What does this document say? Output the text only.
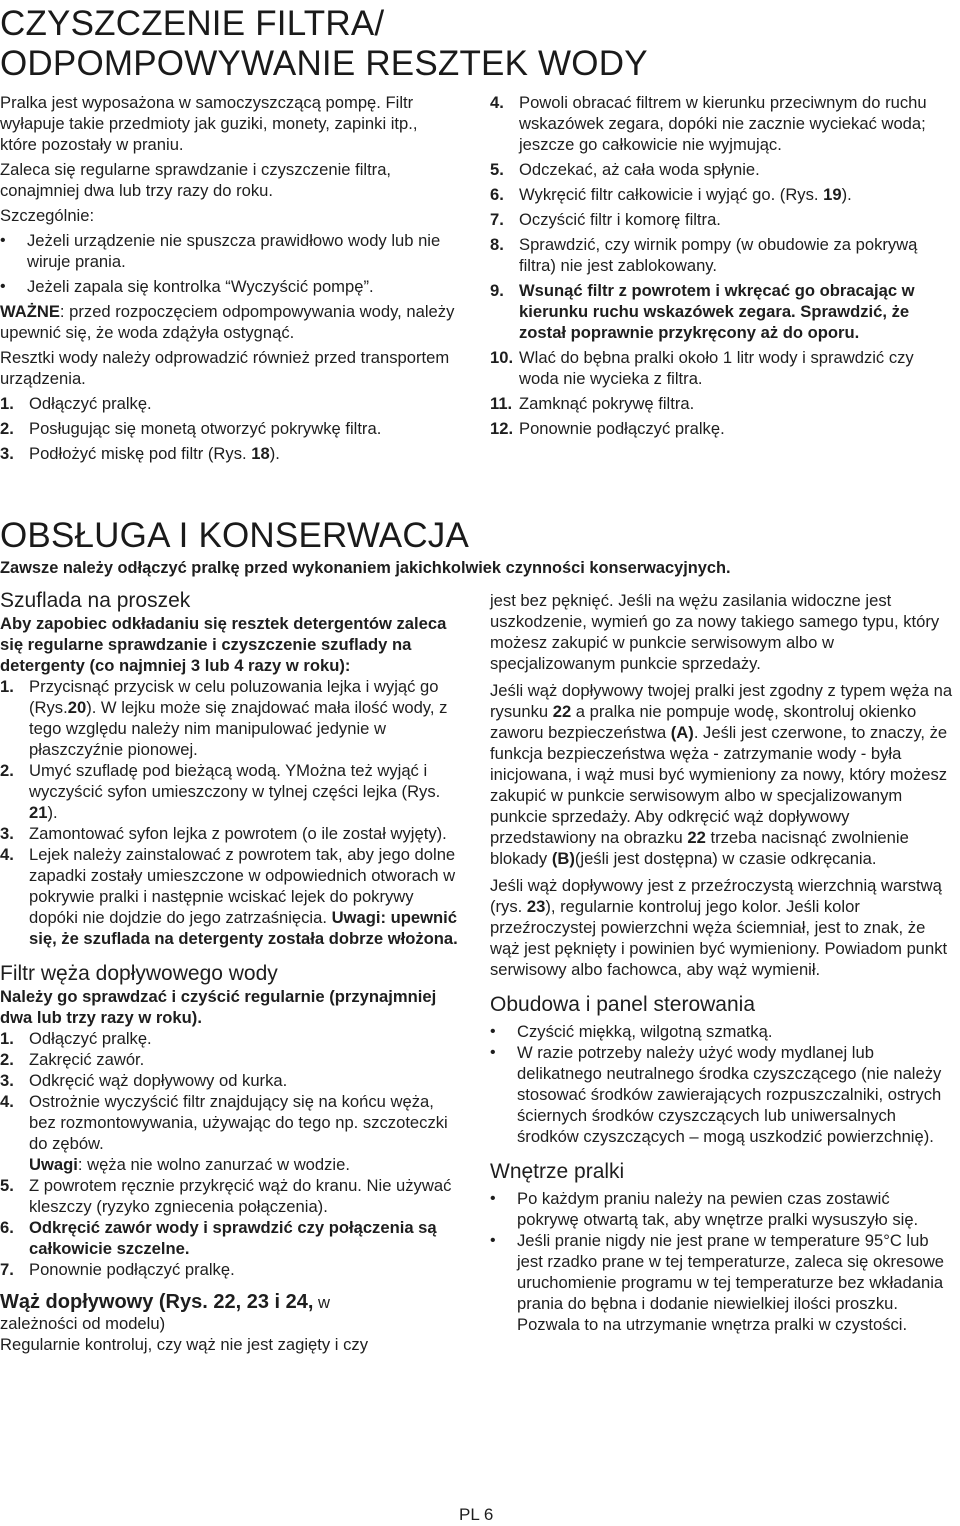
CZYSZCZENIE FILTRA/
ODPOMPOWYWANIE RESZTEK WODY

Pralka jest wyposażona w samoczyszczącą pompę. Filtr wyłapuje takie przedmioty jak guziki, monety, zapinki itp., które pozostały w praniu.

Zaleca się regularne sprawdzanie i czyszczenie filtra, conajmniej dwa lub trzy razy do roku.

Szczególnie:

•	Jeżeli urządzenie nie spuszcza prawidłowo wody lub nie wiruje prania.
•	Jeżeli zapala się kontrolka “Wyczyścić pompę”.

WAŻNE: przed rozpoczęciem odpompowywania wody, należy upewnić się, że woda zdążyła ostygnąć.

Resztki wody należy odprowadzić również przed transportem urządzenia.

1. Odłączyć pralkę.
2. Posługując się monetą otworzyć pokrywkę filtra.
3. Podłożyć miskę pod filtr (Rys. 18).
4. Powoli obracać filtrem w kierunku przeciwnym do ruchu wskazówek zegara, dopóki nie zacznie wyciekać woda; jeszcze go całkowicie nie wyjmując.
5. Odczekać, aż cała woda spłynie.
6. Wykręcić filtr całkowicie i wyjąć go. (Rys. 19).
7. Oczyścić filtr i komorę filtra.
8. Sprawdzić, czy wirnik pompy (w obudowie za pokrywą filtra) nie jest zablokowany.
9. Wsunąć filtr z powrotem i wkręcać go obracając w kierunku ruchu wskazówek zegara. Sprawdzić, że został poprawnie przykręcony aż do oporu.
10. Wlać do bębna pralki około 1 litr wody i sprawdzić czy woda nie wycieka z filtra.
11. Zamknąć pokrywę filtra.
12. Ponownie podłączyć pralkę.
OBSŁUGA I KONSERWACJA

Zawsze należy odłączyć pralkę przed wykonaniem jakichkolwiek czynności konserwacyjnych.

Szuflada na proszek

Aby zapobiec odkładaniu się resztek detergentów zaleca się regularne sprawdzanie i czyszczenie szuflady na detergenty (co najmniej 3 lub 4 razy w roku):

1. Przycisnąć przycisk w celu poluzowania lejka i wyjąć go (Rys.20). W lejku może się znajdować mała ilość wody, z tego względu należy nim manipulować jedynie w płaszczyźnie pionowej.
2. Umyć szufladę pod bieżącą wodą. YMożna też wyjąć i wyczyścić syfon umieszczony w tylnej części lejka (Rys. 21).
3. Zamontować syfon lejka z powrotem (o ile został wyjęty).
4. Lejek należy zainstalować z powrotem tak, aby jego dolne zapadki zostały umieszczone w odpowiednich otworach w pokrywie pralki i następnie wciskać lejek do pokrywy dopóki nie dojdzie do jego zatrzaśnięcia. Uwagi: upewnić się, że szuflada na detergenty została dobrze włożona.
Filtr węża dopływowego wody

Należy go sprawdzać i czyścić regularnie (przynajmniej dwa lub trzy razy w roku).

1. Odłączyć pralkę.
2. Zakręcić zawór.
3. Odkręcić wąż dopływowy od kurka.
4. Ostrożnie wyczyścić filtr znajdujący się na końcu węża, bez rozmontowywania, używając do tego np. szczoteczki do zębów.
Uwagi: węża nie wolno zanurzać w wodzie.
5. Z powrotem ręcznie przykręcić wąż do kranu. Nie używać kleszczy (ryzyko zgniecenia połączenia).
6. Odkręcić zawór wody i sprawdzić czy połączenia są całkowicie szczelne.
7. Ponownie podłączyć pralkę.

Wąż dopływowy (Rys. 22, 23 i 24, w
zależności od modelu)

Regularnie kontroluj, czy wąż nie jest zagięty i czy

jest bez pęknięć. Jeśli na wężu zasilania widoczne jest uszkodzenie, wymień go za nowy takiego samego typu, który możesz zakupić w punkcie serwisowym albo w specjalizowanym punkcie sprzedaży.

Jeśli wąż dopływowy twojej pralki jest zgodny z typem węża na rysunku 22 a pralka nie pompuje wodę, skontroluj okienko zaworu bezpieczeństwa (A). Jeśli jest czerwone, to znaczy, że funkcja bezpieczeństwa węża - zatrzymanie wody - była inicjowana, i wąż musi być wymieniony za nowy, który możesz zakupić w punkcie serwisowym albo w specjalizowanym punkcie sprzedaży. Aby odkręcić wąż dopływowy przedstawiony na obrazku 22 trzeba nacisnąć zwolnienie blokady (B)(jeśli jest dostępna) w czasie odkręcania.

Jeśli wąż dopływowy jest z przeźroczystą wierzchnią warstwą (rys. 23), regularnie kontroluj jego kolor. Jeśli kolor przeźroczystej powierzchni węża ściemniał, jest to znak, że wąż jest pęknięty i powinien być wymieniony. Powiadom punkt serwisowy albo fachowca, aby wąż wymienił.

Obudowa i panel sterowania
•	Czyścić miękką, wilgotną szmatką.
•	W razie potrzeby należy użyć wody mydlanej lub delikatnego neutralnego środka czyszczącego (nie należy stosować środków zawierających rozpuszczalniki, ostrych ściernych środków czyszczących lub uniwersalnych środków czyszczących – mogą uszkodzić powierzchnię).
Wnętrze pralki
•	Po każdym praniu należy na pewien czas zostawić pokrywę otwartą tak, aby wnętrze pralki wysuszyło się.
•	Jeśli pranie nigdy nie jest prane w temperature 95°C lub jest rzadko prane w tej temperaturze, zaleca się okresowe uruchomienie programu w tej temperaturze bez wkładania prania do bębna i dodanie niewielkiej ilości proszku. Pozwala to na utrzymanie wnętrza pralki w czystości.
PL 6
